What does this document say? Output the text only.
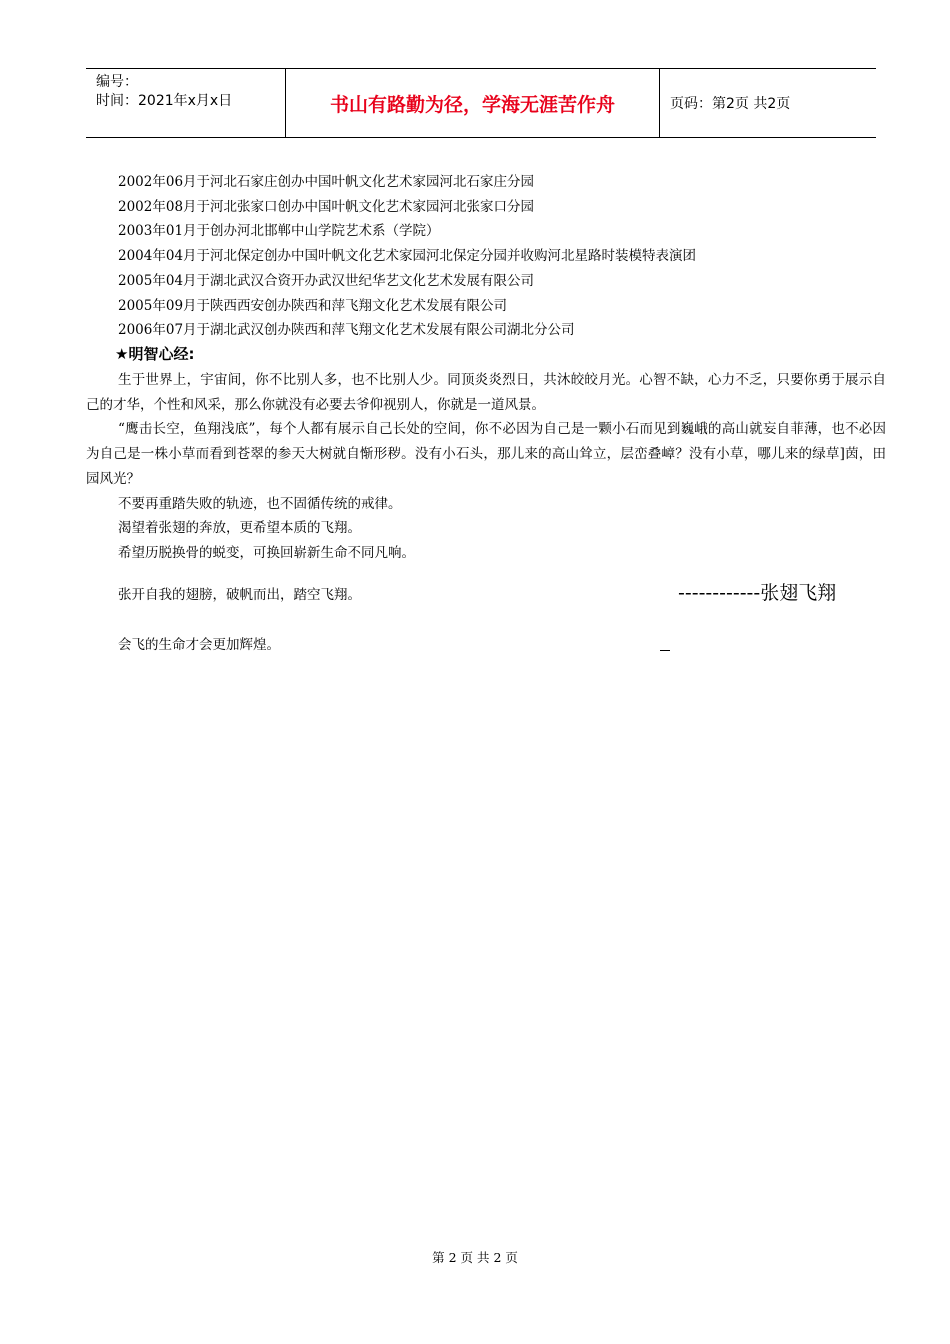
编号：
时间：2021年x月x日	书山有路勤为径，学海无涯苦作舟	页码：第2页 共2页
2002年06月于河北石家庄创办中国叶帆文化艺术家园河北石家庄分园
2002年08月于河北张家口创办中国叶帆文化艺术家园河北张家口分园
2003年01月于创办河北邯郸中山学院艺术系（学院）
2004年04月于河北保定创办中国叶帆文化艺术家园河北保定分园并收购河北星路时装模特表演团
2005年04月于湖北武汉合资开办武汉世纪华艺文化艺术发展有限公司
2005年09月于陕西西安创办陕西和萍飞翔文化艺术发展有限公司
2006年07月于湖北武汉创办陕西和萍飞翔文化艺术发展有限公司湖北分公司
★明智心经:

生于世界上，宇宙间，你不比别人多，也不比别人少。同顶炎炎烈日，共沐皎皎月光。心智不缺，心力不乏，只要你勇于展示自己的才华，个性和风采，那么你就没有必要去爷仰视别人，你就是一道风景。

“鹰击长空，鱼翔浅底”，每个人都有展示自己长处的空间，你不必因为自己是一颗小石而见到巍峨的高山就妄自菲薄，也不必因为自己是一株小草而看到苍翠的参天大树就自惭形秽。没有小石头，那儿来的高山耸立，层峦叠嶂？没有小草，哪儿来的绿草]茵，田园风光？

不要再重踏失败的轨迹，也不固循传统的戒律。

渴望着张翅的奔放，更希望本质的飞翔。

希望历脱换骨的蜕变，可换回崭新生命不同凡响。

张开自我的翅膀，破帆而出，踏空飞翔。	------------张翅飞翔
会飞的生命才会更加辉煌。
第 2 页 共 2 页
